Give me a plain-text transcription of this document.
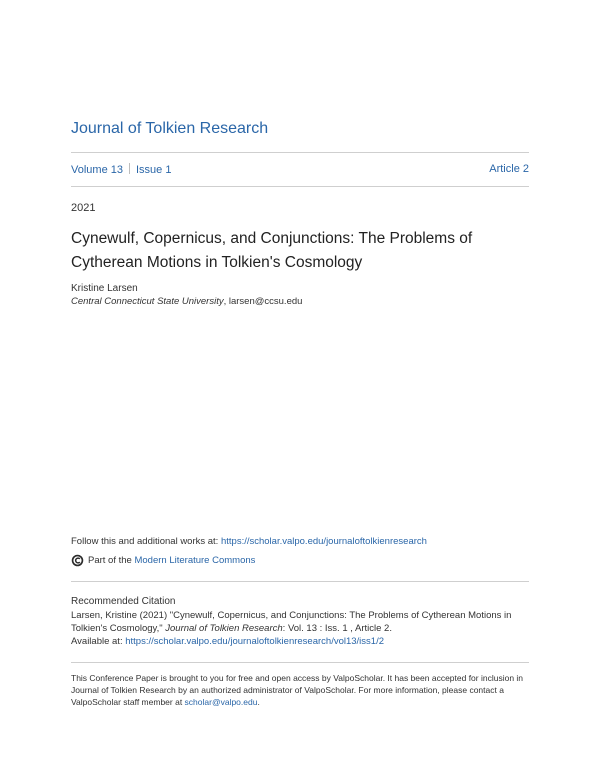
Journal of Tolkien Research
Volume 13 Issue 1	Article 2
2021
Cynewulf, Copernicus, and Conjunctions: The Problems of
Cytherean Motions in Tolkien's Cosmology
Kristine Larsen
Central Connecticut State University, larsen@ccsu.edu
Follow this and additional works at: https://scholar.valpo.edu/journaloftolkienresearch
Part of the Modern Literature Commons
Recommended Citation
Larsen, Kristine (2021) "Cynewulf, Copernicus, and Conjunctions: The Problems of Cytherean Motions in Tolkien's Cosmology," Journal of Tolkien Research: Vol. 13 : Iss. 1 , Article 2.
Available at: https://scholar.valpo.edu/journaloftolkienresearch/vol13/iss1/2
This Conference Paper is brought to you for free and open access by ValpoScholar. It has been accepted for inclusion in Journal of Tolkien Research by an authorized administrator of ValpoScholar. For more information, please contact a ValpoScholar staff member at scholar@valpo.edu.
